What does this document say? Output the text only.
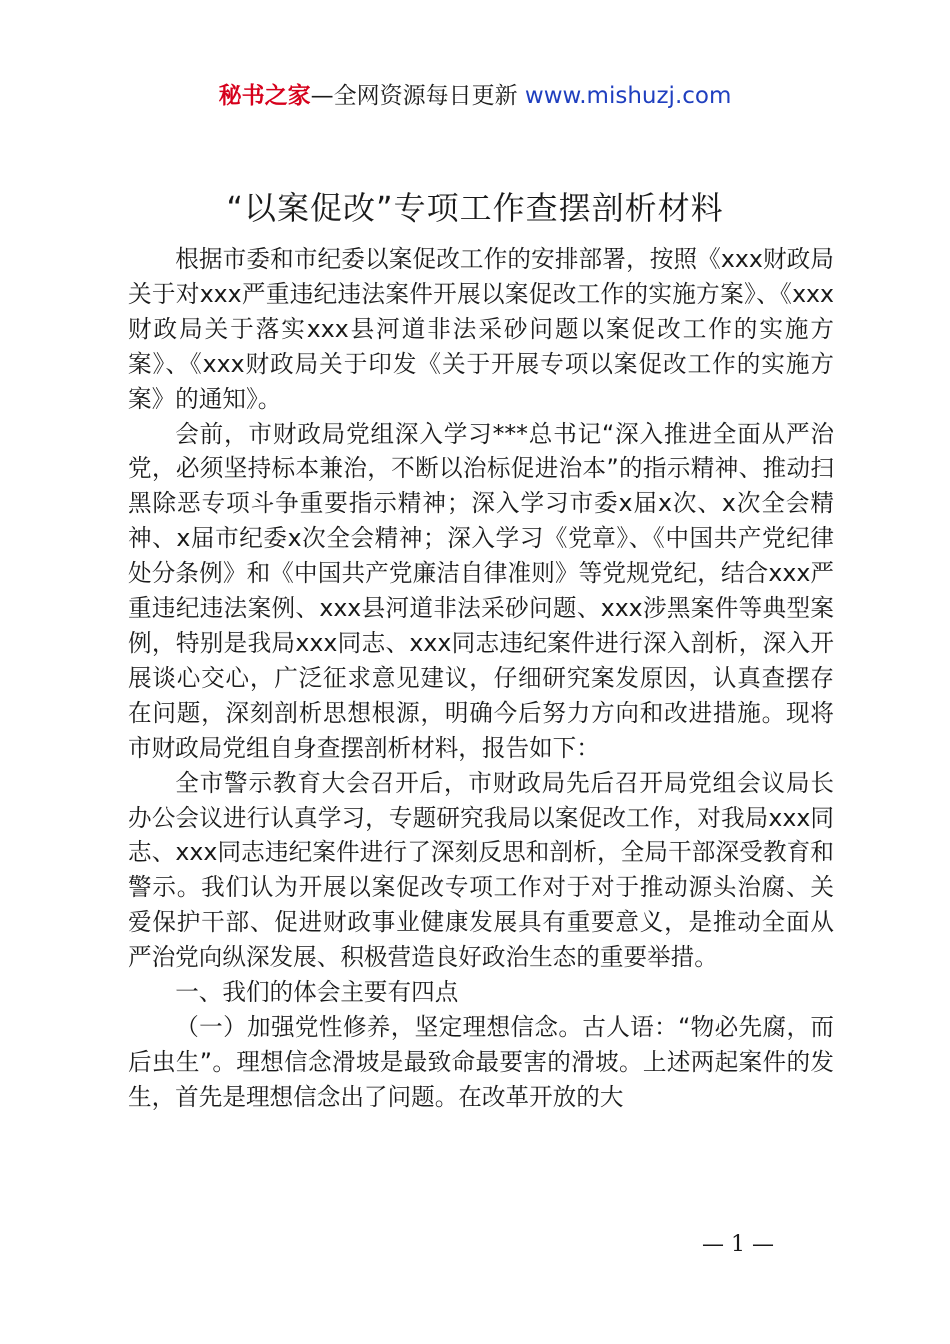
秘书之家—全网资源每日更新 www.mishuzj.com
“以案促改”专项工作查摆剖析材料

根据市委和市纪委以案促改工作的安排部署，按照《xxx财政局关于对xxx严重违纪违法案件开展以案促改工作的实施方案》、《xxx财政局关于落实xxx县河道非法采砂问题以案促改工作的实施方案》、《xxx财政局关于印发《关于开展专项以案促改工作的实施方案》的通知》。

会前，市财政局党组深入学习***总书记“深入推进全面从严治党，必须坚持标本兼治，不断以治标促进治本”的指示精神、推动扫黑除恶专项斗争重要指示精神；深入学习市委x届x次、x次全会精神、x届市纪委x次全会精神；深入学习《党章》、《中国共产党纪律处分条例》和《中国共产党廉洁自律准则》等党规党纪，结合xxx严重违纪违法案例、xxx县河道非法采砂问题、xxx涉黑案件等典型案例，特别是我局xxx同志、xxx同志违纪案件进行深入剖析，深入开展谈心交心，广泛征求意见建议，仔细研究案发原因，认真查摆存在问题，深刻剖析思想根源，明确今后努力方向和改进措施。现将市财政局党组自身查摆剖析材料，报告如下：

全市警示教育大会召开后，市财政局先后召开局党组会议局长办公会议进行认真学习，专题研究我局以案促改工作，对我局xxx同志、xxx同志违纪案件进行了深刻反思和剖析，全局干部深受教育和警示。我们认为开展以案促改专项工作对于对于推动源头治腐、关爱保护干部、促进财政事业健康发展具有重要意义，是推动全面从严治党向纵深发展、积极营造良好政治生态的重要举措。

一、我们的体会主要有四点

（一）加强党性修养，坚定理想信念。古人语：“物必先腐，而后虫生”。理想信念滑坡是最致命最要害的滑坡。上述两起案件的发生，首先是理想信念出了问题。在改革开放的大

— 1 —
